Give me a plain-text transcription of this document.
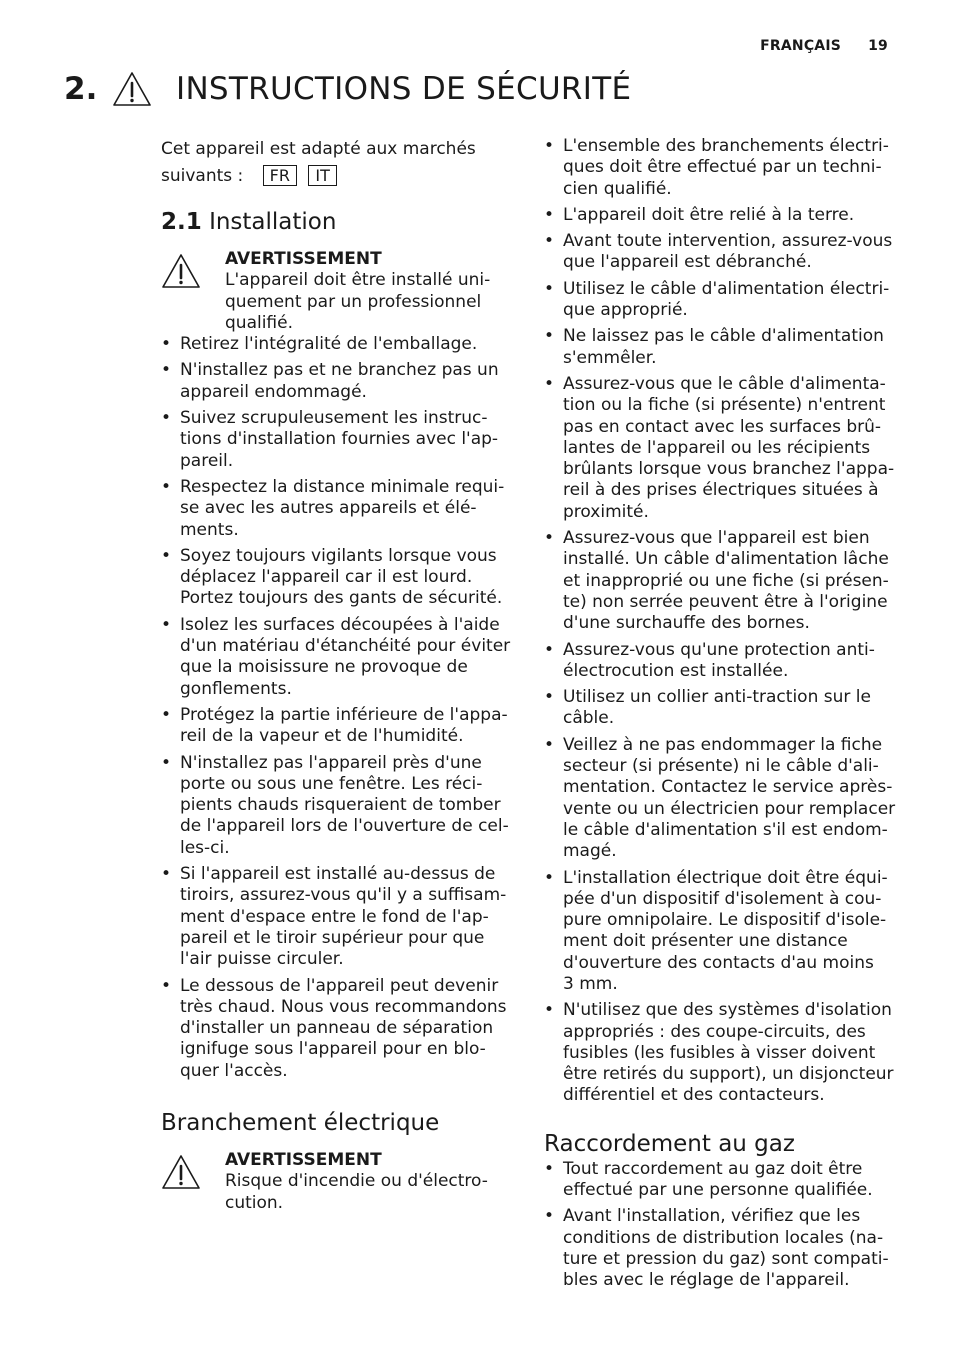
FRANÇAIS 19
2.	INSTRUCTIONS DE SÉCURITÉ

Cet appareil est adapté aux marchés
suivants : FR IT

2.1 Installation
AVERTISSEMENT
L'appareil doit être installé uni-
quement par un professionnel
qualifié.
• Retirez l'intégralité de l'emballage.
• N'installez pas et ne branchez pas un
appareil endommagé.
• Suivez scrupuleusement les instruc-
tions d'installation fournies avec l'ap-
pareil.
• Respectez la distance minimale requi-
se avec les autres appareils et élé-
ments.
• Soyez toujours vigilants lorsque vous
déplacez l'appareil car il est lourd.
Portez toujours des gants de sécurité.
• Isolez les surfaces découpées à l'aide
d'un matériau d'étanchéité pour éviter
que la moisissure ne provoque de
gonflements.
• Protégez la partie inférieure de l'appa-
reil de la vapeur et de l'humidité.
• N'installez pas l'appareil près d'une
porte ou sous une fenêtre. Les réci-
pients chauds risqueraient de tomber
de l'appareil lors de l'ouverture de cel-
les-ci.
• Si l'appareil est installé au-dessus de
tiroirs, assurez-vous qu'il y a suffisam-
ment d'espace entre le fond de l'ap-
pareil et le tiroir supérieur pour que
l'air puisse circuler.
• Le dessous de l'appareil peut devenir
très chaud. Nous vous recommandons
d'installer un panneau de séparation
ignifuge sous l'appareil pour en blo-
quer l'accès.
Branchement électrique
AVERTISSEMENT
Risque d'incendie ou d'électro-
cution.
• L'ensemble des branchements électri-
ques doit être effectué par un techni-
cien qualifié.
• L'appareil doit être relié à la terre.
• Avant toute intervention, assurez-vous
que l'appareil est débranché.
• Utilisez le câble d'alimentation électri-
que approprié.
• Ne laissez pas le câble d'alimentation
s'emmêler.
• Assurez-vous que le câble d'alimenta-
tion ou la fiche (si présente) n'entrent
pas en contact avec les surfaces brû-
lantes de l'appareil ou les récipients
brûlants lorsque vous branchez l'appa-
reil à des prises électriques situées à
proximité.
• Assurez-vous que l'appareil est bien
installé. Un câble d'alimentation lâche
et inapproprié ou une fiche (si présen-
te) non serrée peuvent être à l'origine
d'une surchauffe des bornes.
• Assurez-vous qu'une protection anti-
électrocution est installée.
• Utilisez un collier anti-traction sur le
câble.
• Veillez à ne pas endommager la fiche
secteur (si présente) ni le câble d'ali-
mentation. Contactez le service après-
vente ou un électricien pour remplacer
le câble d'alimentation s'il est endom-
magé.
• L'installation électrique doit être équi-
pée d'un dispositif d'isolement à cou-
pure omnipolaire. Le dispositif d'isole-
ment doit présenter une distance
d'ouverture des contacts d'au moins
3 mm.
• N'utilisez que des systèmes d'isolation
appropriés : des coupe-circuits, des
fusibles (les fusibles à visser doivent
être retirés du support), un disjoncteur
différentiel et des contacteurs.
Raccordement au gaz
• Tout raccordement au gaz doit être
effectué par une personne qualifiée.
• Avant l'installation, vérifiez que les
conditions de distribution locales (na-
ture et pression du gaz) sont compati-
bles avec le réglage de l'appareil.
